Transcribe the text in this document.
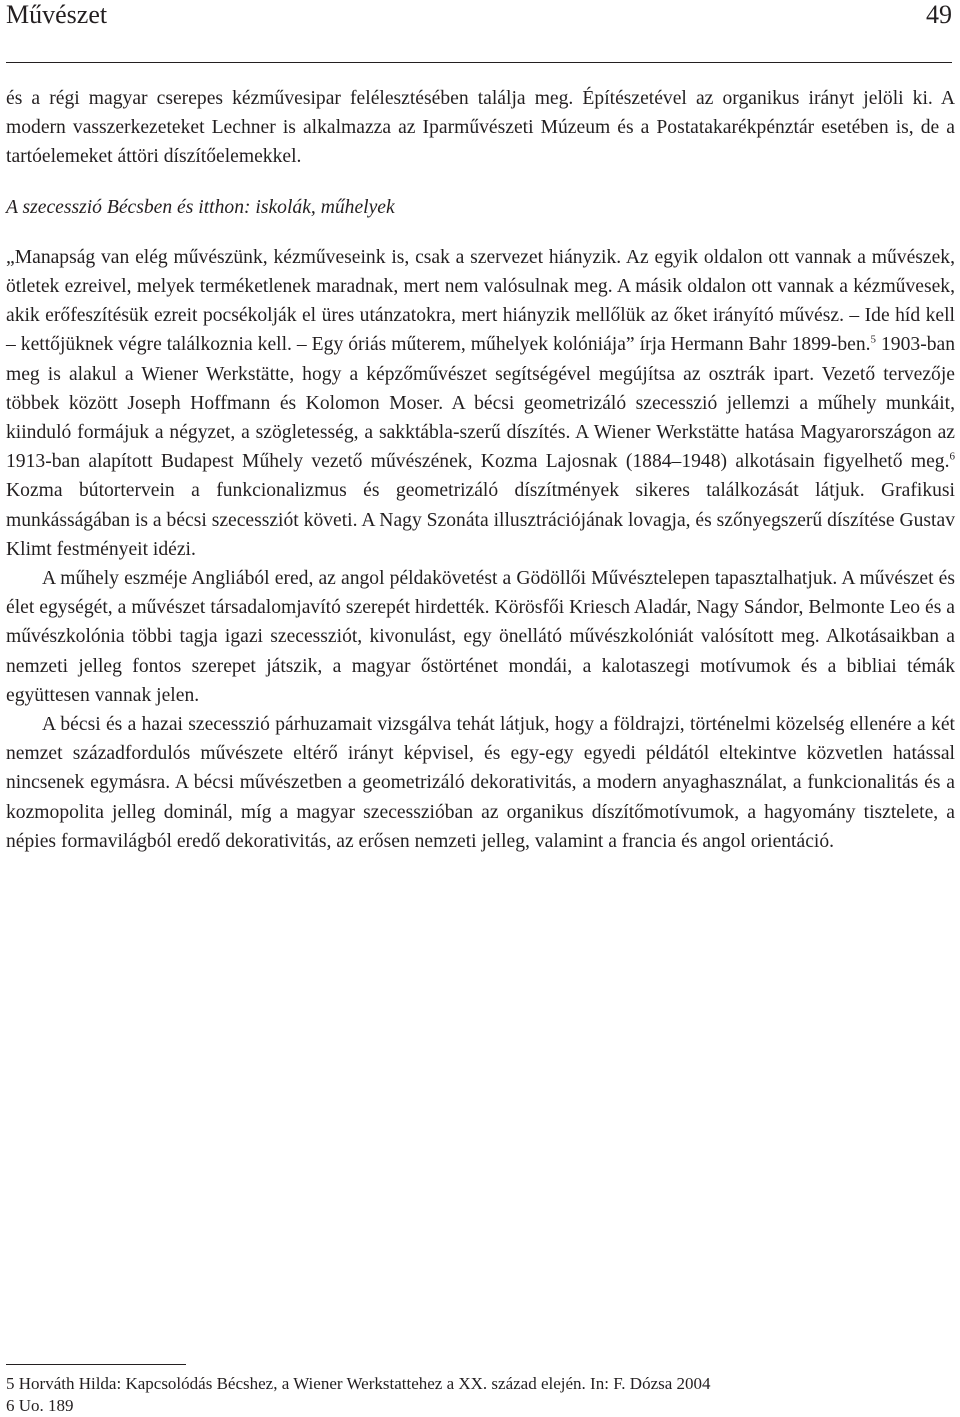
Művészet	49

és a régi magyar cserepes kézművesipar felélesztésében találja meg. Építészetével az organikus irányt jelöli ki. A modern vasszerkezeteket Lechner is alkalmazza az Iparművészeti Múzeum és a Postatakarékpénztár esetében is, de a tartóelemeket áttöri díszítőelemekkel.

A szecesszió Bécsben és itthon: iskolák, műhelyek

„Manapság van elég művészünk, kézműveseink is, csak a szervezet hiányzik. Az egyik oldalon ott vannak a művészek, ötletek ezreivel, melyek terméketlenek maradnak, mert nem valósulnak meg. A másik oldalon ott vannak a kézművesek, akik erőfeszítésük ezreit pocsékolják el üres utánzatokra, mert hiányzik mellőlük az őket irányító művész. – Ide híd kell – kettőjüknek végre találkoznia kell. – Egy óriás műterem, műhelyek kolóniája” írja Hermann Bahr 1899-ben.$^5$ 1903-ban meg is alakul a Wiener Werkstätte, hogy a képzőművészet segítségével megújítsa az osztrák ipart. Vezető tervezője többek között Joseph Hoffmann és Kolomon Moser. A bécsi geometrizáló szecesszió jellemzi a műhely munkáit, kiinduló formájuk a négyzet, a szögletesség, a sakktábla-szerű díszítés. A Wiener Werkstätte hatása Magyarországon az 1913-ban alapított Budapest Műhely vezető művészének, Kozma Lajosnak (1884–1948) alkotásain figyelhető meg.$^6$ Kozma bútortervein a funkcionalizmus és geometrizáló díszítmények sikeres találkozását látjuk. Grafikusi munkásságában is a bécsi szecessziót követi. A Nagy Szonáta illusztrációjának lovagja, és szőnyegszerű díszítése Gustav Klimt festményeit idézi.

A műhely eszméje Angliából ered, az angol példakövetést a Gödöllői Művésztelepen tapasztalhatjuk. A művészet és élet egységét, a művészet társadalomjavító szerepét hirdették. Körösfői Kriesch Aladár, Nagy Sándor, Belmonte Leo és a művészkolónia többi tagja igazi szecessziót, kivonulást, egy önellátó művészkolóniát valósított meg. Alkotásaikban a nemzeti jelleg fontos szerepet játszik, a magyar őstörténet mondái, a kalotaszegi motívumok és a bibliai témák együttesen vannak jelen.

A bécsi és a hazai szecesszió párhuzamait vizsgálva tehát látjuk, hogy a földrajzi, történelmi közelség ellenére a két nemzet századfordulós művészete eltérő irányt képvisel, és egy-egy egyedi példától eltekintve közvetlen hatással nincsenek egymásra. A bécsi művészetben a geometrizáló dekorativitás, a modern anyaghasználat, a funkcionalitás és a kozmopolita jelleg dominál, míg a magyar szecesszióban az organikus díszítőmotívumok, a hagyomány tisztelete, a népies formavilágból eredő dekorativitás, az erősen nemzeti jelleg, valamint a francia és angol orientáció.

5 Horváth Hilda: Kapcsolódás Bécshez, a Wiener Werkstattehez a XX. század elején. In: F. Dózsa 2004
6 Uo. 189
